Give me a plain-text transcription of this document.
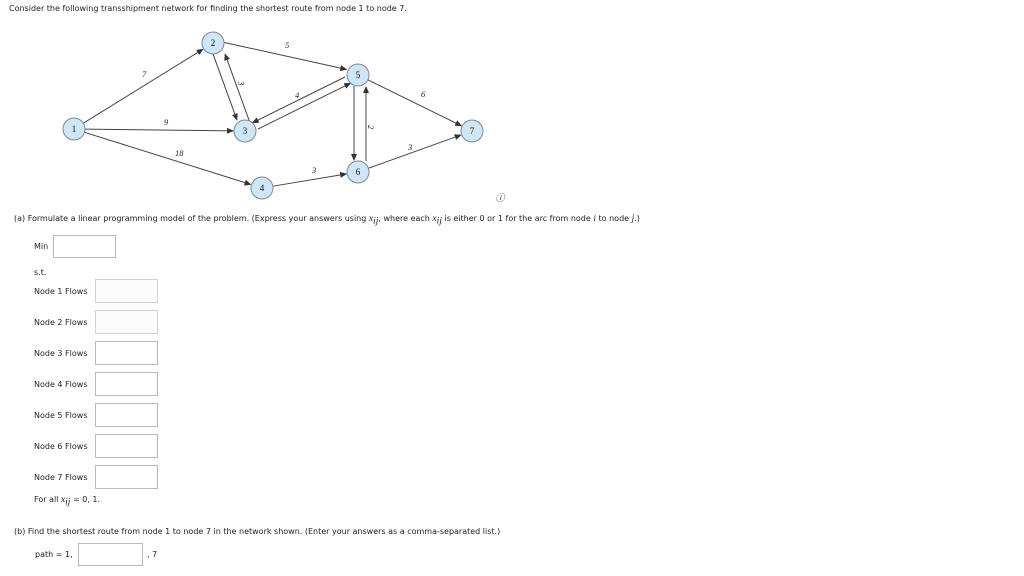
Consider the following transshipment network for finding the shortest route from node 1 to node 7.
7
9
18
3
5
4
3
2
6
3
1
2
3
4
5
6
7
ⓘ
(a) Formulate a linear programming model of the problem. (Express your answers using $x_{ij}$, where each $x_{ij}$ is either 0 or 1 for the arc from node i to node j.)
Min
s.t.
Node 1 Flows
Node 2 Flows
Node 3 Flows
Node 4 Flows
Node 5 Flows
Node 6 Flows
Node 7 Flows
For all $x_{ij} = 0$, 1.
(b) Find the shortest route from node 1 to node 7 in the network shown. (Enter your answers as a comma-separated list.)
path = 1,	, 7
